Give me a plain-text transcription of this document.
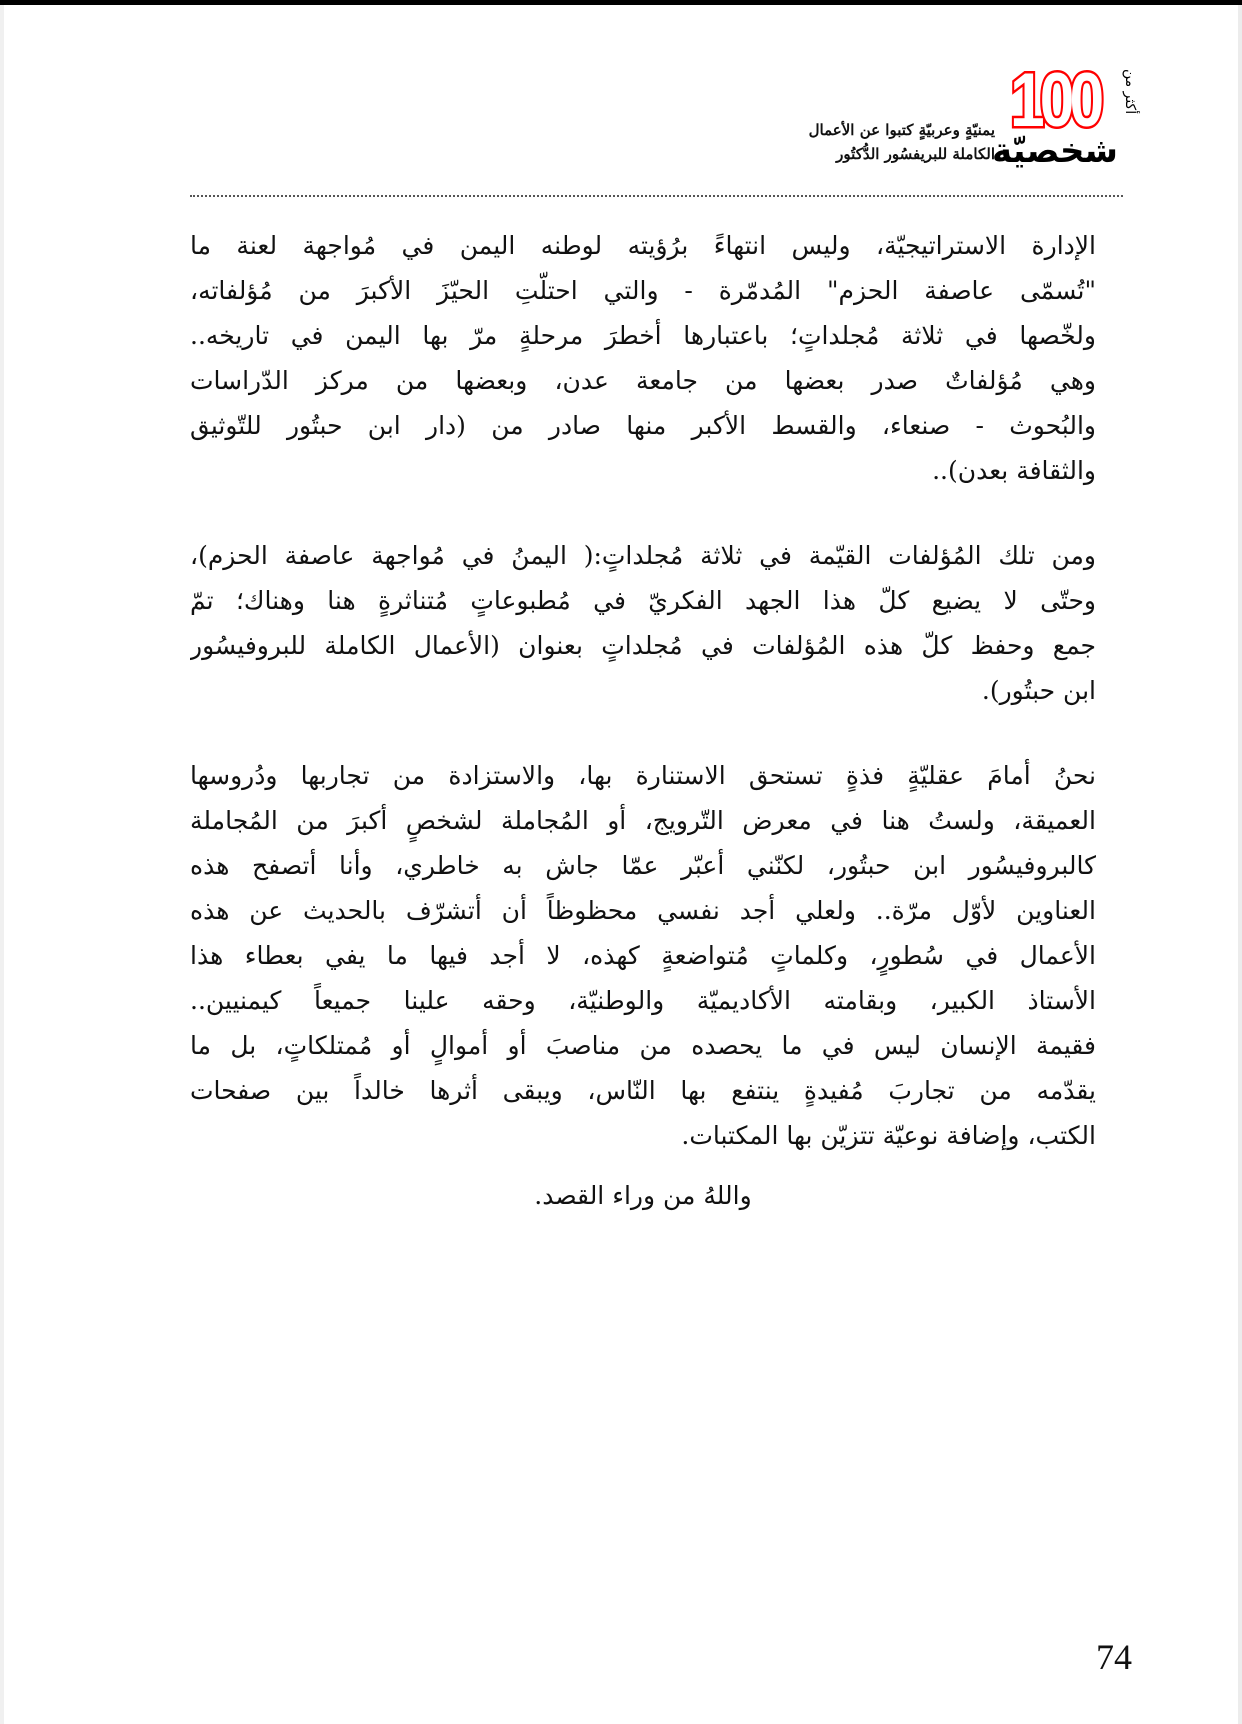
100
شخصيّة
أكثر من
يمنيّةٍ وعربيّةٍ كتبوا عن الأعمال
الكاملة للبريفسُور الدُّكتُور
الإدارة الاستراتيجيّة، وليس انتهاءً برُؤيته لوطنه اليمن في مُواجهة لعنة ما
"تُسمّى عاصفة الحزم" المُدمّرة - والتي احتلّتِ الحيّزَ الأكبرَ من مُؤلفاته،
ولخّصها في ثلاثة مُجلداتٍ؛ باعتبارها أخطرَ مرحلةٍ مرّ بها اليمن في تاريخه..
وهي مُؤلفاتٌ صدر بعضها من جامعة عدن، وبعضها من مركز الدّراسات
والبُحوث - صنعاء، والقسط الأكبر منها صادر من (دار ابن حبتُور للتّوثيق
والثقافة بعدن)..
ومن تلك المُؤلفات القيّمة في ثلاثة مُجلداتٍ:( اليمنُ في مُواجهة عاصفة الحزم)،
وحتّى لا يضيع كلّ هذا الجهد الفكريّ في مُطبوعاتٍ مُتناثرةٍ هنا وهناك؛ تمّ
جمع وحفظ كلّ هذه المُؤلفات في مُجلداتٍ بعنوان (الأعمال الكاملة للبروفيسُور
ابن حبتُور).
نحنُ أمامَ عقليّةٍ فذةٍ تستحق الاستنارة بها، والاستزادة من تجاربها ودُروسها
العميقة، ولستُ هنا في معرض التّرويج، أو المُجاملة لشخصٍ أكبرَ من المُجاملة
كالبروفيسُور ابن حبتُور، لكنّني أعبّر عمّا جاش به خاطري، وأنا أتصفح هذه
العناوين لأوّل مرّة.. ولعلي أجد نفسي محظوظاً أن أتشرّف بالحديث عن هذه
الأعمال في سُطورٍ، وكلماتٍ مُتواضعةٍ كهذه، لا أجد فيها ما يفي بعطاء هذا
الأستاذ الكبير، وبقامته الأكاديميّة والوطنيّة، وحقه علينا جميعاً كيمنيين..
فقيمة الإنسان ليس في ما يحصده من مناصبَ أو أموالٍ أو مُمتلكاتٍ، بل ما
يقدّمه من تجاربَ مُفيدةٍ ينتفع بها النّاس، ويبقى أثرها خالداً بين صفحات
الكتب، وإضافة نوعيّة تتزيّن بها المكتبات.
واللهُ من وراء القصد.
74
